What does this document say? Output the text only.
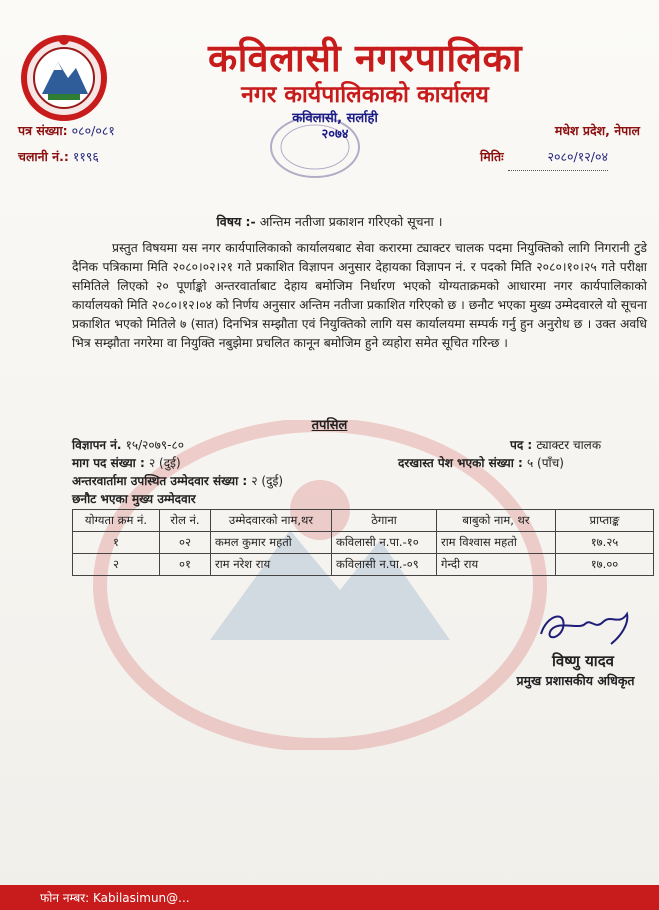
कविलासी नगरपालिका
नगर कार्यपालिकाको कार्यालय
कविलासी, सर्लाही
२०७४
पत्र संख्या: ०८०/०८१
चलानी नं.: ११९६
मधेश प्रदेश, नेपाल
मितिः	२०८०/१२/०४
विषय :- अन्तिम नतीजा प्रकाशन गरिएको सूचना ।
प्रस्तुत विषयमा यस नगर कार्यपालिकाको कार्यालयबाट सेवा करारमा ट्याक्टर चालक पदमा नियुक्तिको लागि निगरानी टुडे दैनिक पत्रिकामा मिति २०८०।०२।२१ गते प्रकाशित विज्ञापन अनुसार देहायका विज्ञापन नं. र पदको मिति २०८०।१०।२५ गते परीक्षा समितिले लिएको २० पूर्णाङ्को अन्तरवार्ताबाट देहाय बमोजिम निर्धारण भएको योग्यताक्रमको आधारमा नगर कार्यपालिकाको कार्यालयको मिति २०८०।१२।०४ को निर्णय अनुसार अन्तिम नतीजा प्रकाशित गरिएको छ । छनौट भएका मुख्य उम्मेदवारले यो सूचना प्रकाशित भएको मितिले ७ (सात) दिनभित्र सम्झौता एवं नियुक्तिको लागि यस कार्यालयमा सम्पर्क गर्नु हुन अनुरोध छ । उक्त अवधि भित्र सम्झौता नगरेमा वा नियुक्ति नबुझेमा प्रचलित कानून बमोजिम हुने व्यहोरा समेत सूचित गरिन्छ ।
तपसिल
विज्ञापन नं. १५/२०७९-८०	पद : ट्याक्टर चालक
माग पद संख्या : २ (दुई)	दरखास्त पेश भएको संख्या : ५ (पाँच)
अन्तरवार्तामा उपस्थित उम्मेदवार संख्या : २ (दुई)
छनौट भएका मुख्य उम्मेदवार
योग्यता क्रम नं.	रोल नं.	उम्मेदवारको नाम,थर	ठेगाना	बाबुको नाम, थर	प्राप्ताङ्क
१	०२	कमल कुमार महतो	कविलासी न.पा.-१०	राम विश्वास महतो	१७.२५
२	०१	राम नरेश राय	कविलासी न.पा.-०९	गेन्दी राय	१७.००
विष्णु यादव
प्रमुख प्रशासकीय अधिकृत
फोन नम्बर: Kabilasimun@...
